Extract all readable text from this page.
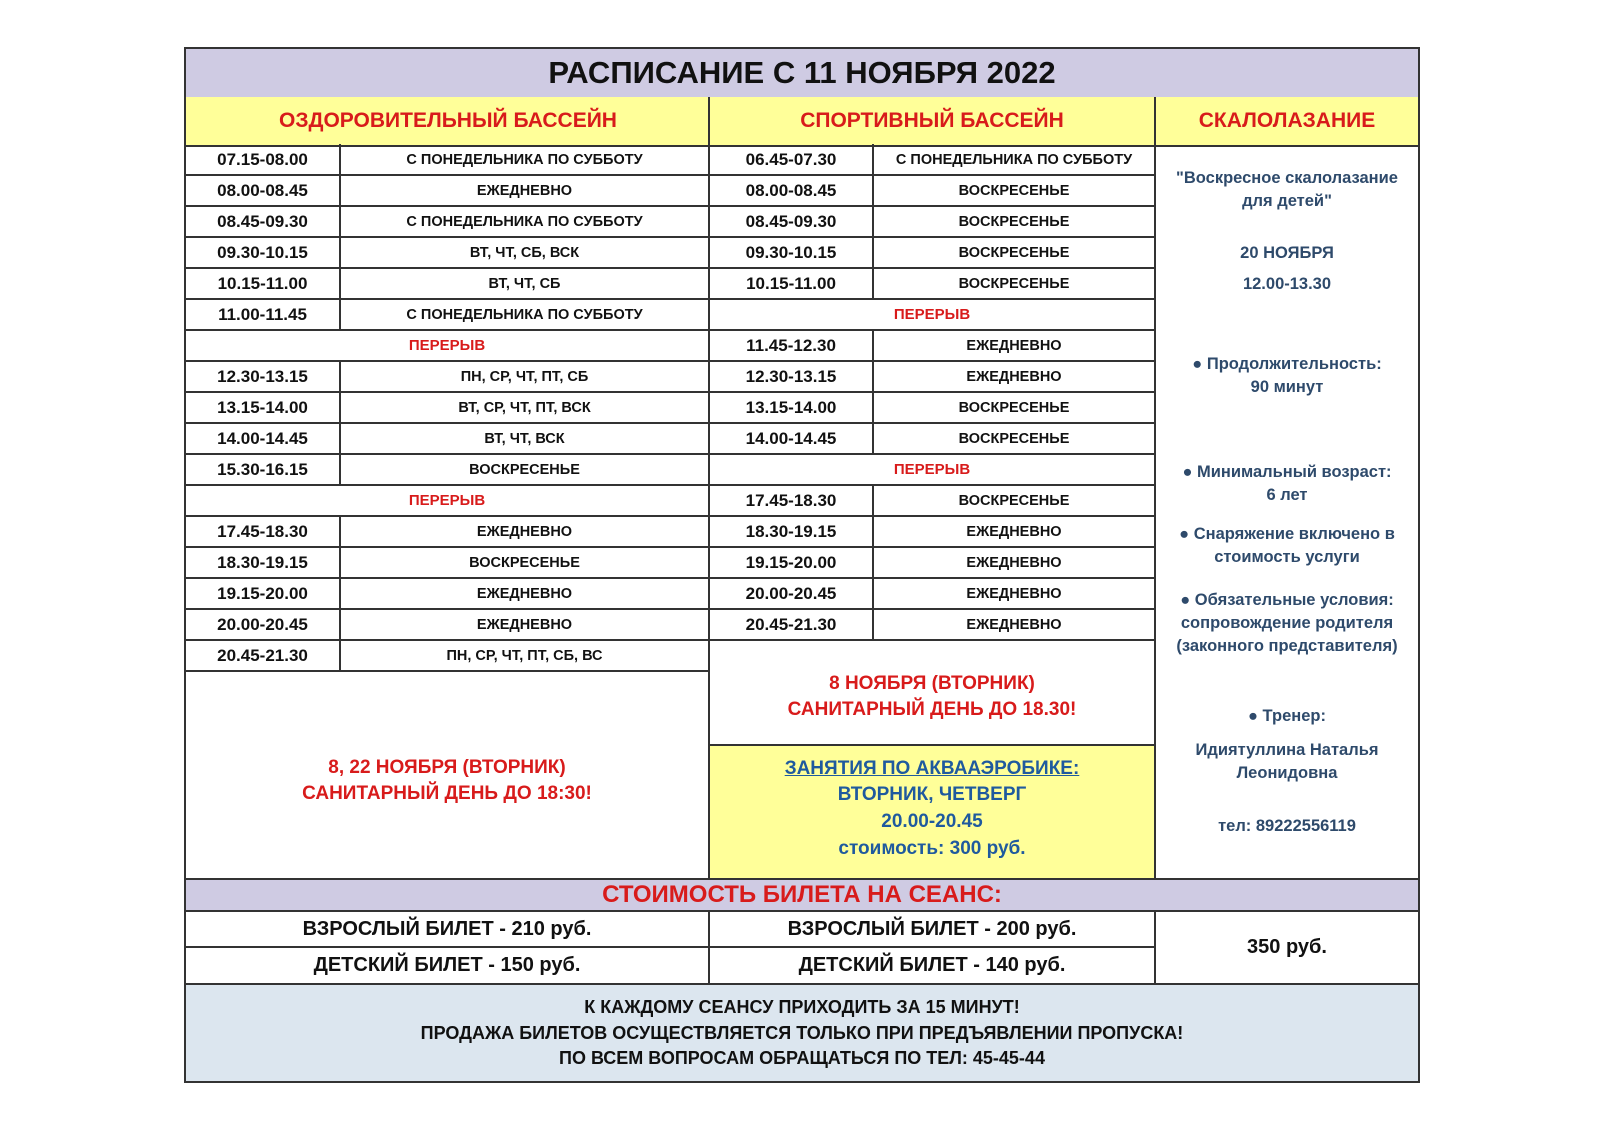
РАСПИСАНИЕ С 11 НОЯБРЯ 2022
ОЗДОРОВИТЕЛЬНЫЙ БАССЕЙН	СПОРТИВНЫЙ БАССЕЙН	СКАЛОЛАЗАНИЕ
07.15-08.00	С ПОНЕДЕЛЬНИКА ПО СУББОТУ
08.00-08.45	ЕЖЕДНЕВНО
08.45-09.30	С ПОНЕДЕЛЬНИКА ПО СУББОТУ
09.30-10.15	ВТ, ЧТ, СБ, ВСК
10.15-11.00	ВТ, ЧТ, СБ
11.00-11.45	С ПОНЕДЕЛЬНИКА ПО СУББОТУ
ПЕРЕРЫВ
12.30-13.15	ПН, СР, ЧТ, ПТ, СБ
13.15-14.00	ВТ, СР, ЧТ, ПТ, ВСК
14.00-14.45	ВТ, ЧТ, ВСК
15.30-16.15	ВОСКРЕСЕНЬЕ
ПЕРЕРЫВ
17.45-18.30	ЕЖЕДНЕВНО
18.30-19.15	ВОСКРЕСЕНЬЕ
19.15-20.00	ЕЖЕДНЕВНО
20.00-20.45	ЕЖЕДНЕВНО
20.45-21.30	ПН, СР, ЧТ, ПТ, СБ, ВС
06.45-07.30	С ПОНЕДЕЛЬНИКА ПО СУББОТУ
08.00-08.45	ВОСКРЕСЕНЬЕ
08.45-09.30	ВОСКРЕСЕНЬЕ
09.30-10.15	ВОСКРЕСЕНЬЕ
10.15-11.00	ВОСКРЕСЕНЬЕ
ПЕРЕРЫВ
11.45-12.30	ЕЖЕДНЕВНО
12.30-13.15	ЕЖЕДНЕВНО
13.15-14.00	ВОСКРЕСЕНЬЕ
14.00-14.45	ВОСКРЕСЕНЬЕ
ПЕРЕРЫВ
17.45-18.30	ВОСКРЕСЕНЬЕ
18.30-19.15	ЕЖЕДНЕВНО
19.15-20.00	ЕЖЕДНЕВНО
20.00-20.45	ЕЖЕДНЕВНО
20.45-21.30	ЕЖЕДНЕВНО
8, 22 НОЯБРЯ (ВТОРНИК)
САНИТАРНЫЙ ДЕНЬ ДО 18:30!
8 НОЯБРЯ (ВТОРНИК)
САНИТАРНЫЙ ДЕНЬ ДО 18.30!
ЗАНЯТИЯ ПО АКВААЭРОБИКЕ:
ВТОРНИК, ЧЕТВЕРГ
20.00-20.45
стоимость: 300 руб.
"Воскресное скалолазание
для детей"
20 НОЯБРЯ
12.00-13.30
● Продолжительность:
90 минут
● Минимальный возраст:
6 лет
● Снаряжение включено в
стоимость услуги
● Обязательные условия:
сопровождение родителя
(законного представителя)
● Тренер:
Идиятуллина Наталья
Леонидовна
тел: 89222556119
СТОИМОСТЬ БИЛЕТА НА СЕАНС:
ВЗРОСЛЫЙ БИЛЕТ - 210 руб.
ДЕТСКИЙ БИЛЕТ - 150 руб.
ВЗРОСЛЫЙ БИЛЕТ - 200 руб.
ДЕТСКИЙ БИЛЕТ - 140 руб.
350 руб.
К КАЖДОМУ СЕАНСУ ПРИХОДИТЬ ЗА 15 МИНУТ!
ПРОДАЖА БИЛЕТОВ ОСУЩЕСТВЛЯЕТСЯ ТОЛЬКО ПРИ ПРЕДЪЯВЛЕНИИ ПРОПУСКА!
ПО ВСЕМ ВОПРОСАМ ОБРАЩАТЬСЯ ПО ТЕЛ: 45-45-44
